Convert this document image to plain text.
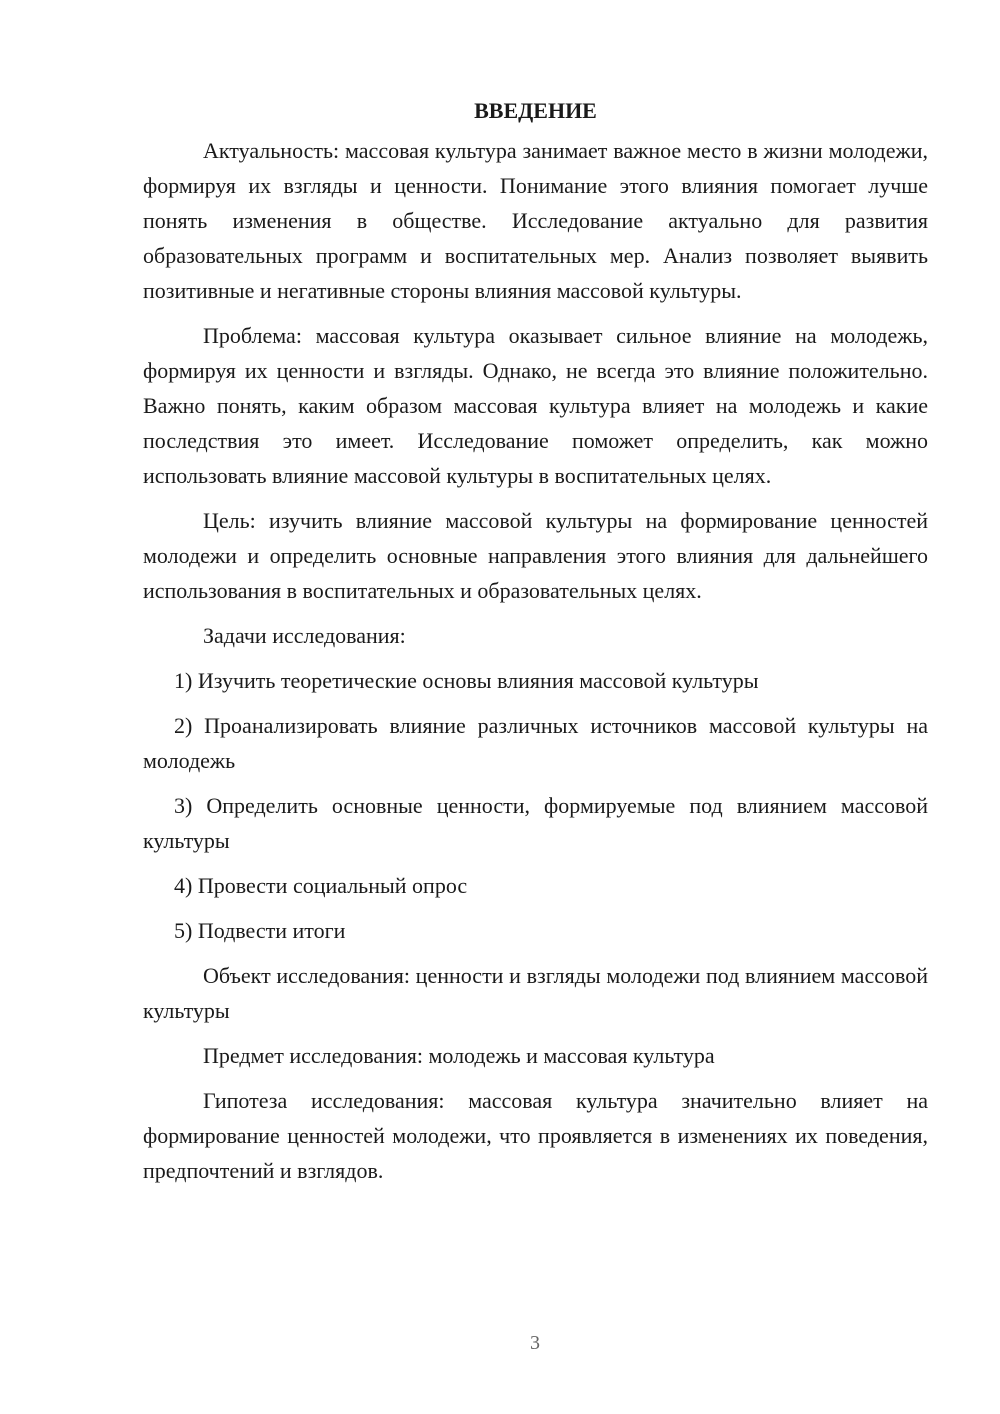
ВВЕДЕНИЕ

Актуальность: массовая культура занимает важное место в жизни молодежи, формируя их взгляды и ценности. Понимание этого влияния помогает лучше понять изменения в обществе. Исследование актуально для развития образовательных программ и воспитательных мер. Анализ позволяет выявить позитивные и негативные стороны влияния массовой культуры.

Проблема: массовая культура оказывает сильное влияние на молодежь, формируя их ценности и взгляды. Однако, не всегда это влияние положительно. Важно понять, каким образом массовая культура влияет на молодежь и какие последствия это имеет. Исследование поможет определить, как можно использовать влияние массовой культуры в воспитательных целях.

Цель: изучить влияние массовой культуры на формирование ценностей молодежи и определить основные направления этого влияния для дальнейшего использования в воспитательных и образовательных целях.

Задачи исследования:

1) Изучить теоретические основы влияния массовой культуры

2) Проанализировать влияние различных источников массовой культуры на молодежь

3) Определить основные ценности, формируемые под влиянием массовой культуры

4) Провести социальный опрос

5) Подвести итоги

Объект исследования: ценности и взгляды молодежи под влиянием массовой культуры

Предмет исследования: молодежь и массовая культура

Гипотеза исследования: массовая культура значительно влияет на формирование ценностей молодежи, что проявляется в изменениях их поведения, предпочтений и взглядов.

3
